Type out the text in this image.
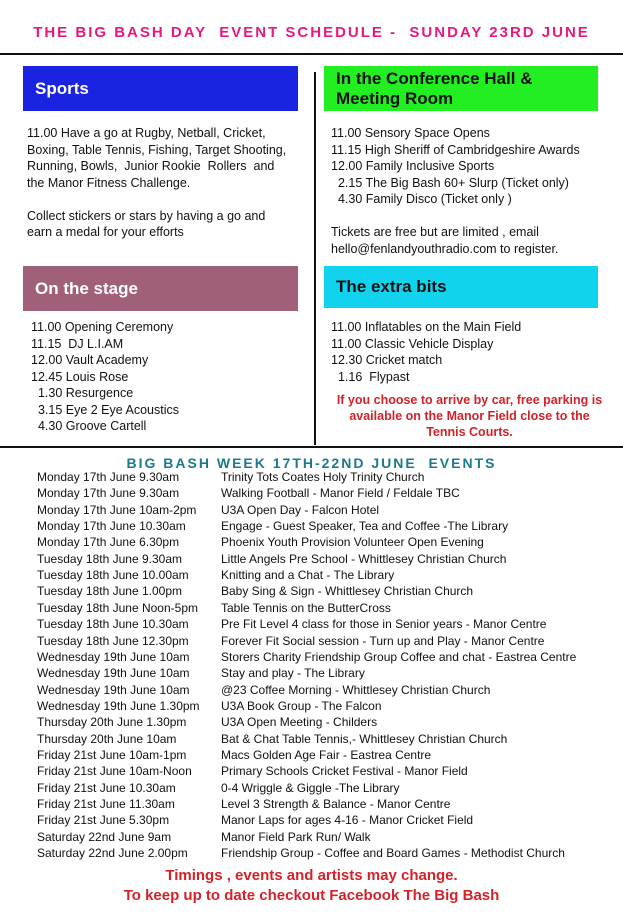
THE BIG BASH DAY  EVENT SCHEDULE -  SUNDAY 23RD JUNE
Sports
11.00 Have a go at Rugby, Netball, Cricket,
Boxing, Table Tennis, Fishing, Target Shooting,
Running, Bowls,  Junior Rookie  Rollers  and
the Manor Fitness Challenge.

Collect stickers or stars by having a go and
earn a medal for your efforts
In the Conference Hall &
Meeting Room
11.00 Sensory Space Opens
11.15 High Sheriff of Cambridgeshire Awards
12.00 Family Inclusive Sports
2.15 The Big Bash 60+ Slurp (Ticket only)
4.30 Family Disco (Ticket only )

Tickets are free but are limited , email
hello@fenlandyouthradio.com to register.
On the stage
11.00 Opening Ceremony
11.15  DJ L.I.AM
12.00 Vault Academy
12.45 Louis Rose
1.30 Resurgence
3.15 Eye 2 Eye Acoustics
4.30 Groove Cartell
The extra bits
11.00 Inflatables on the Main Field
11.00 Classic Vehicle Display
12.30 Cricket match
1.16  Flypast
If you choose to arrive by car, free parking is
available on the Manor Field close to the
Tennis Courts.
BIG BASH WEEK 17TH-22ND JUNE  EVENTS
Monday 17th June 9.30am	Trinity Tots Coates Holy Trinity Church
Monday 17th June 9.30am	Walking Football - Manor Field / Feldale TBC
Monday 17th June 10am-2pm U3A Open Day - Falcon Hotel
Monday 17th June 10.30am	Engage - Guest Speaker, Tea and Coffee -The Library
Monday 17th June 6.30pm	Phoenix Youth Provision Volunteer Open Evening
Tuesday 18th June 9.30am	Little Angels Pre School - Whittlesey Christian Church
Tuesday 18th June 10.00am	Knitting and a Chat - The Library
Tuesday 18th June 1.00pm	Baby Sing & Sign - Whittlesey Christian Church
Tuesday 18th June Noon-5pm Table Tennis on the ButterCross
Tuesday 18th June 10.30am	Pre Fit Level 4 class for those in Senior years - Manor Centre
Tuesday 18th June 12.30pm	Forever Fit Social session - Turn up and Play - Manor Centre
Wednesday 19th June 10am	Storers Charity Friendship Group Coffee and chat - Eastrea Centre
Wednesday 19th June 10am	Stay and play - The Library
Wednesday 19th June 10am	@23 Coffee Morning - Whittlesey Christian Church
Wednesday 19th June 1.30pm U3A Book Group - The Falcon
Thursday 20th June 1.30pm	U3A Open Meeting - Childers
Thursday 20th June 10am	Bat & Chat Table Tennis,- Whittlesey Christian Church
Friday 21st June 10am-1pm	Macs Golden Age Fair - Eastrea Centre
Friday 21st June 10am-Noon Primary Schools Cricket Festival - Manor Field
Friday 21st June 10.30am	0-4 Wriggle & Giggle -The Library
Friday 21st June 11.30am	Level 3 Strength & Balance - Manor Centre
Friday 21st June 5.30pm	Manor Laps for ages 4-16 - Manor Cricket Field
Saturday 22nd June 9am	Manor Field Park Run/ Walk
Saturday 22nd June 2.00pm	Friendship Group - Coffee and Board Games - Methodist Church
Timings , events and artists may change.
To keep up to date checkout Facebook The Big Bash
